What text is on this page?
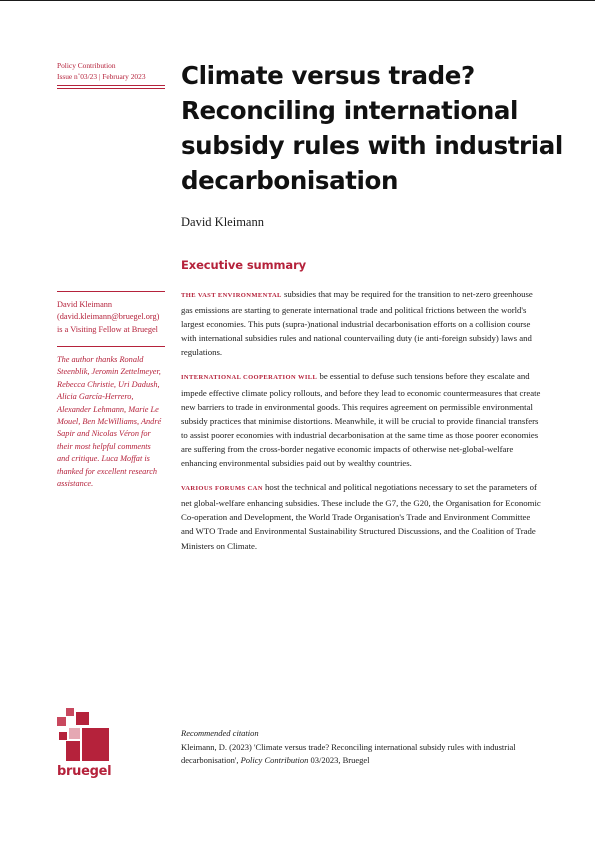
Policy Contribution
Issue n˚03/23 | February 2023	Climate versus trade? Reconciling international subsidy rules with industrial decarbonisation
David Kleimann
Executive summary
David Kleimann (david.kleimann@bruegel.org) is a Visiting Fellow at Bruegel
The author thanks Ronald Steenblik, Jeromin Zettelmeyer, Rebecca Christie, Uri Dadush, Alicia García-Herrero, Alexander Lehmann, Marie Le Mouel, Ben McWilliams, André Sapir and Nicolas Véron for their most helpful comments and critique. Luca Moffat is thanked for excellent research assistance.

THE VAST ENVIRONMENTAL subsidies that may be required for the transition to net-zero greenhouse gas emissions are starting to generate international trade and political frictions between the world's largest economies. This puts (supra-)national industrial decarbonisation efforts on a collision course with international subsidies rules and national countervailing duty (ie anti-foreign subsidy) laws and regulations.

INTERNATIONAL COOPERATION WILL be essential to defuse such tensions before they escalate and impede effective climate policy rollouts, and before they lead to economic countermeasures that create new barriers to trade in environmental goods. This requires agreement on permissible environmental subsidy practices that minimise distortions. Meanwhile, it will be crucial to provide financial transfers to assist poorer economies with industrial decarbonisation at the same time as those poorer economies are suffering from the cross-border negative economic impacts of otherwise net-global-welfare enhancing environmental subsidies paid out by wealthy countries.

VARIOUS FORUMS CAN host the technical and political negotiations necessary to set the parameters of net global-welfare enhancing subsidies. These include the G7, the G20, the Organisation for Economic Co-operation and Development, the World Trade Organisation's Trade and Environment Committee and WTO Trade and Environmental Sustainability Structured Discussions, and the Coalition of Trade Ministers on Climate.

bruegel
Recommended citation
Kleimann, D. (2023) 'Climate versus trade? Reconciling international subsidy rules with industrial decarbonisation', Policy Contribution 03/2023, Bruegel
